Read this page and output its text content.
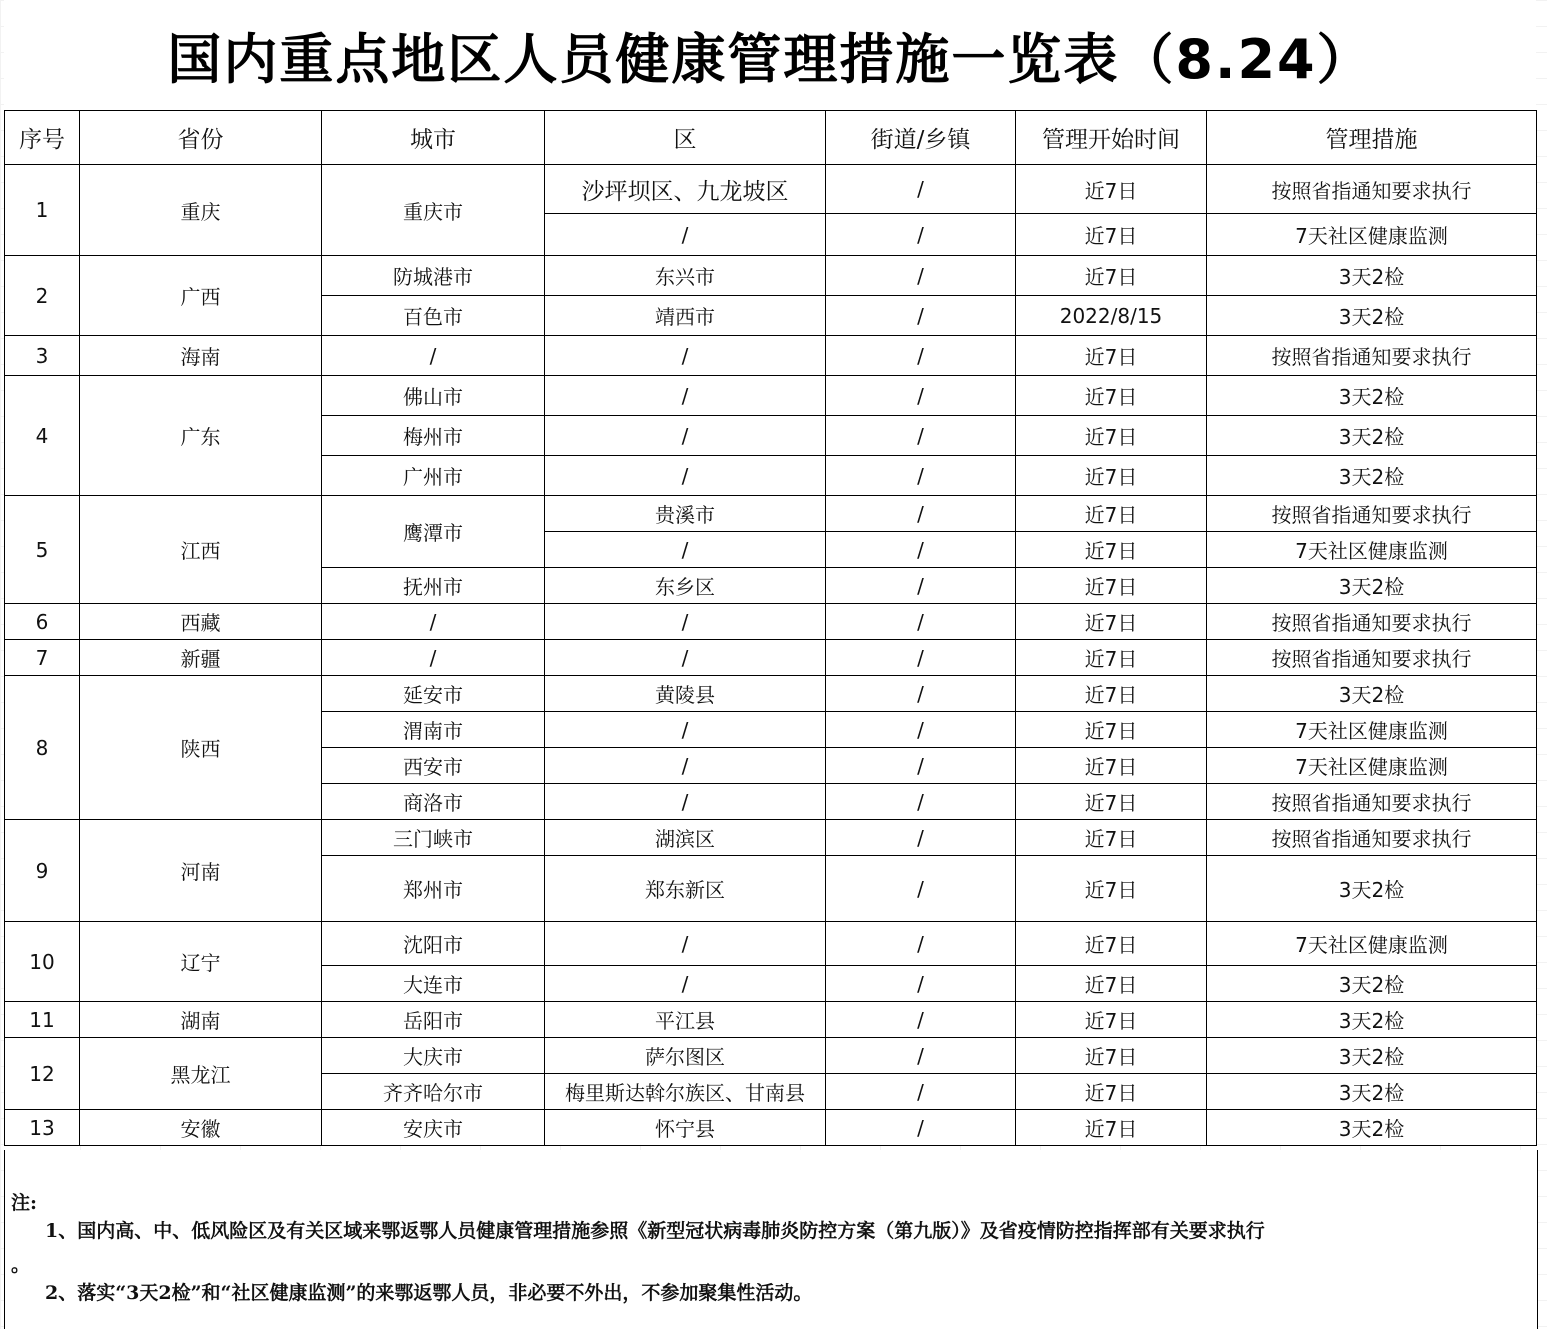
国内重点地区人员健康管理措施一览表（8.24）
序号	省份	城市	区	街道/乡镇	管理开始时间	管理措施
1	重庆	重庆市	沙坪坝区、九龙坡区	/	近7日	按照省指通知要求执行
			/	/	近7日	7天社区健康监测
2	广西	防城港市	东兴市	/	近7日	3天2检
		百色市	靖西市	/	2022/8/15	3天2检
3	海南	/	/	/	近7日	按照省指通知要求执行
4	广东	佛山市	/	/	近7日	3天2检
		梅州市	/	/	近7日	3天2检
		广州市	/	/	近7日	3天2检
5	江西	鹰潭市	贵溪市	/	近7日	按照省指通知要求执行
			/	/	近7日	7天社区健康监测
		抚州市	东乡区	/	近7日	3天2检
6	西藏	/	/	/	近7日	按照省指通知要求执行
7	新疆	/	/	/	近7日	按照省指通知要求执行
8	陕西	延安市	黄陵县	/	近7日	3天2检
		渭南市	/	/	近7日	7天社区健康监测
		西安市	/	/	近7日	7天社区健康监测
		商洛市	/	/	近7日	按照省指通知要求执行
9	河南	三门峡市	湖滨区	/	近7日	按照省指通知要求执行
		郑州市	郑东新区	/	近7日	3天2检
10	辽宁	沈阳市	/	/	近7日	7天社区健康监测
		大连市	/	/	近7日	3天2检
11	湖南	岳阳市	平江县	/	近7日	3天2检
12	黑龙江	大庆市	萨尔图区	/	近7日	3天2检
		齐齐哈尔市	梅里斯达斡尔族区、甘南县	/	近7日	3天2检
13	安徽	安庆市	怀宁县	/	近7日	3天2检
注:
1、国内高、中、低风险区及有关区域来鄂返鄂人员健康管理措施参照《新型冠状病毒肺炎防控方案（第九版）》及省疫情防控指挥部有关要求执行
。
2、落实“3天2检”和“社区健康监测”的来鄂返鄂人员，非必要不外出，不参加聚集性活动。
